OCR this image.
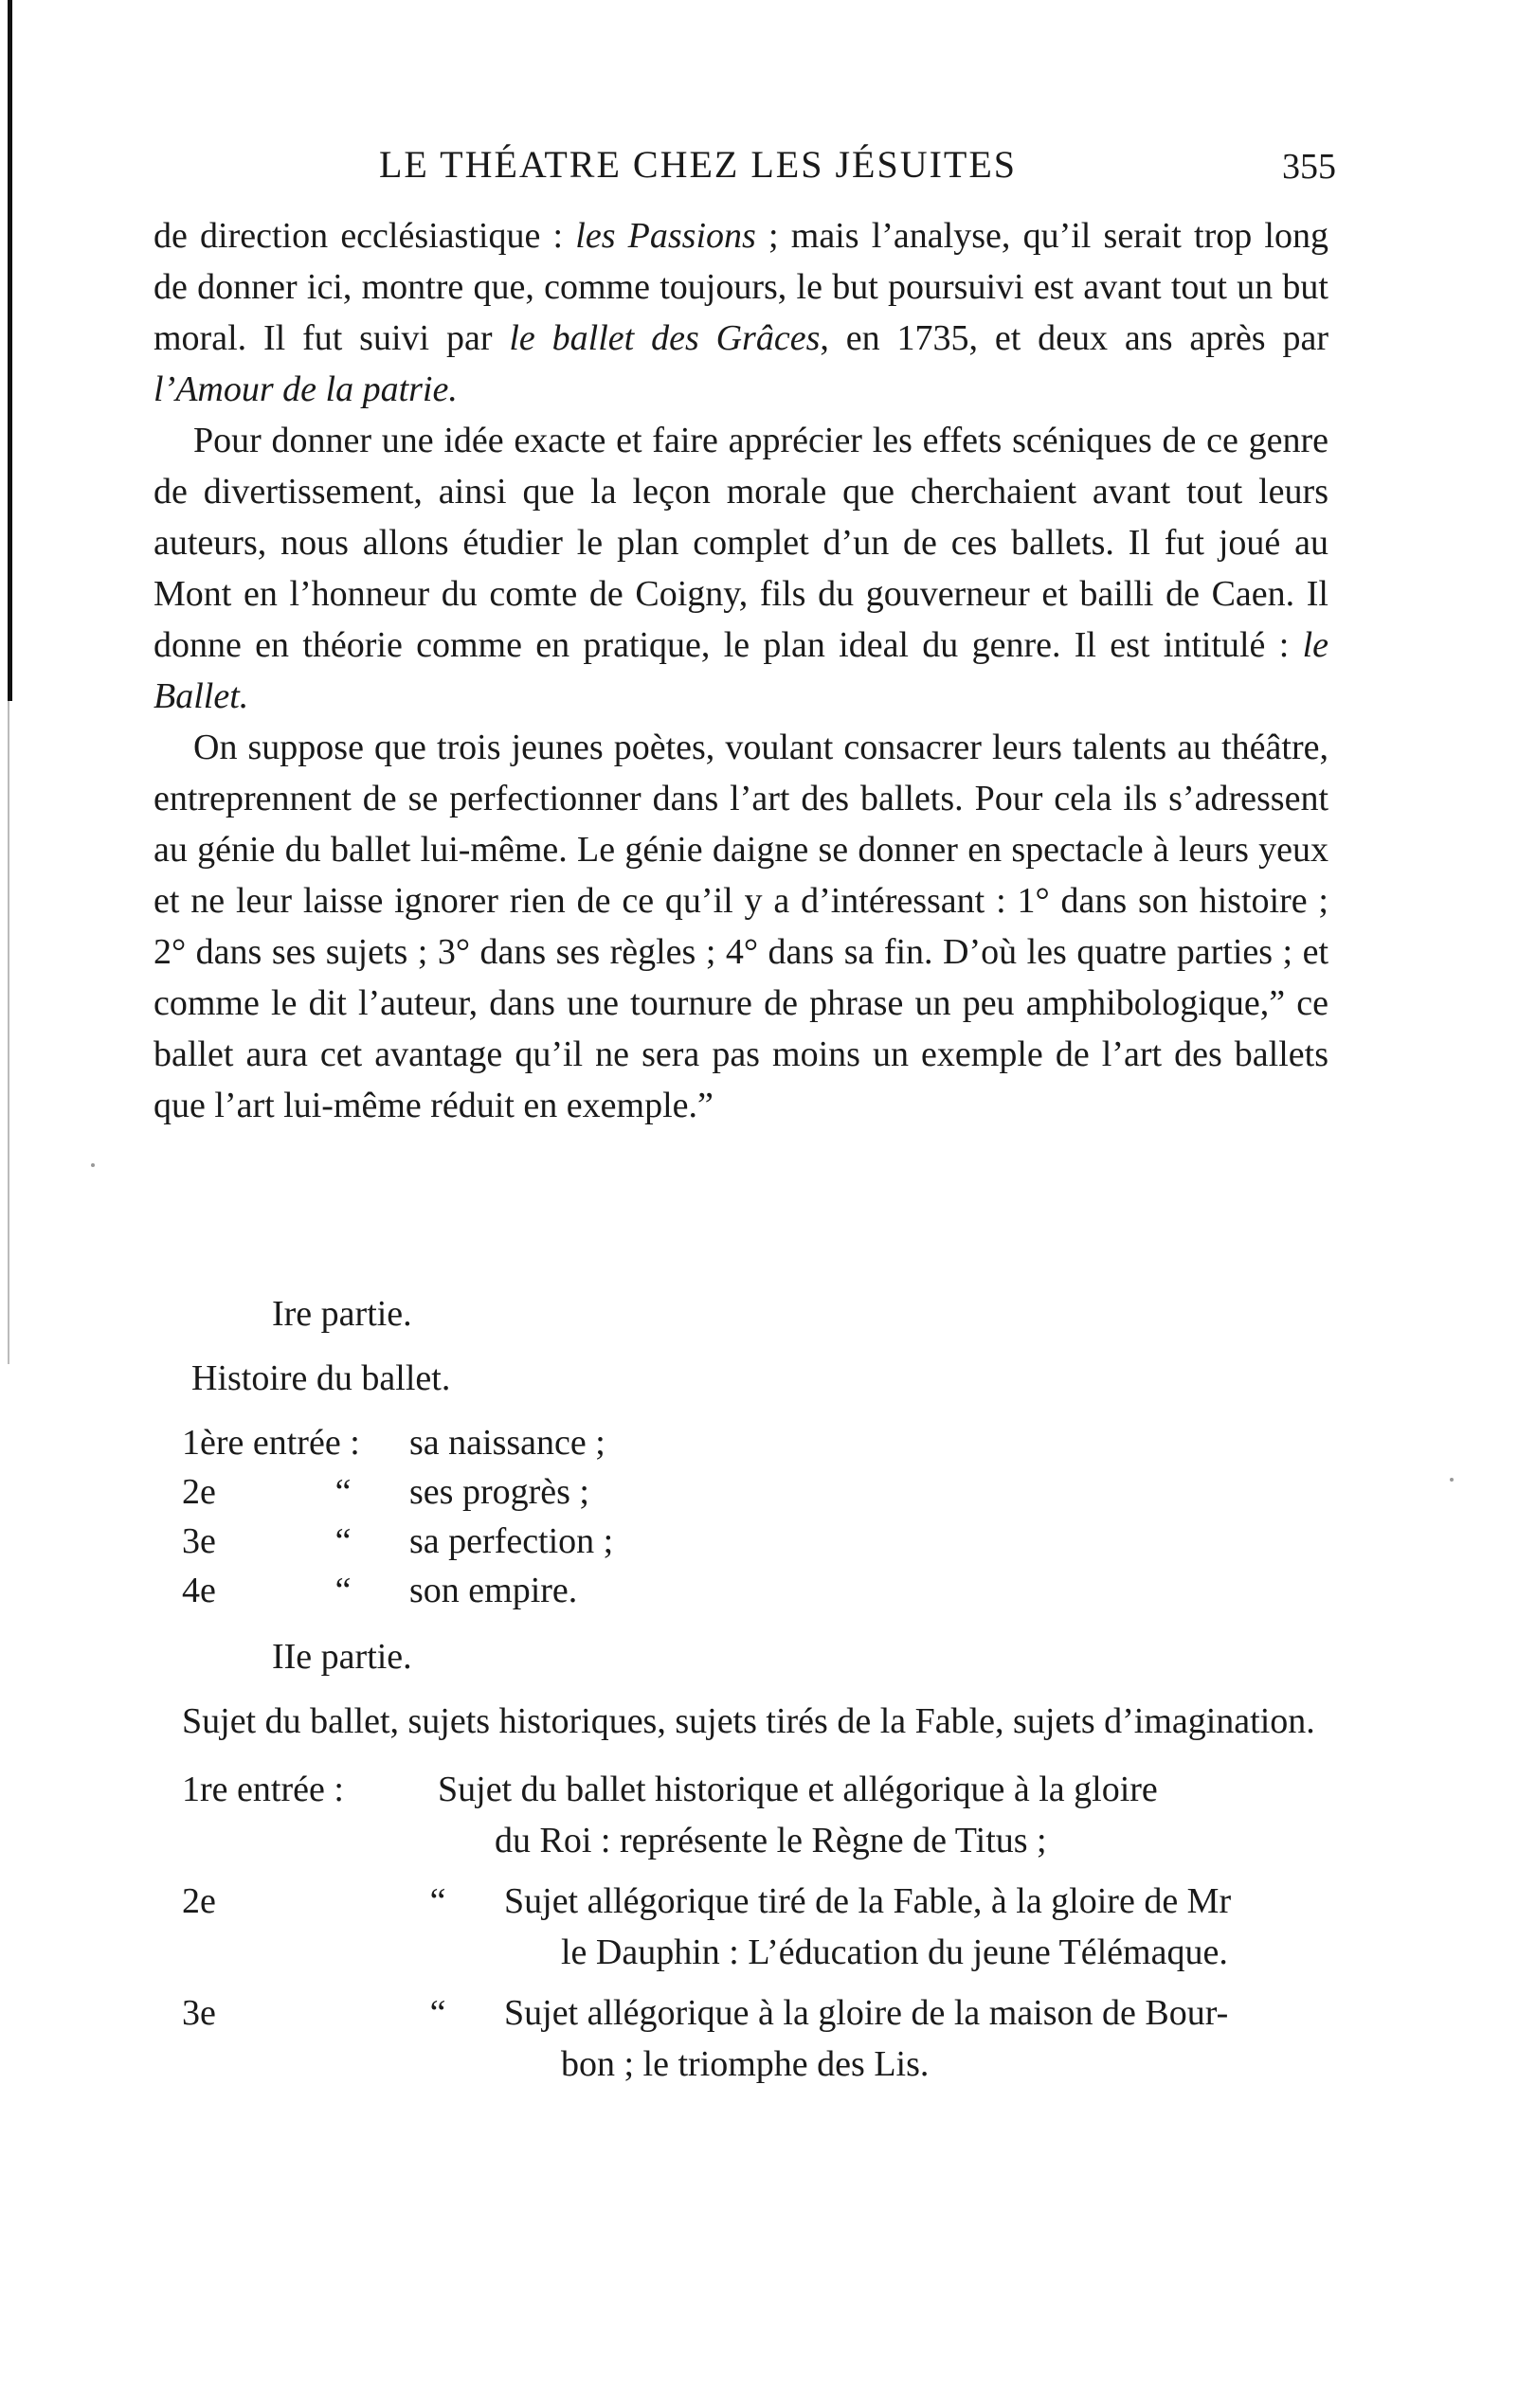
LE THÉATRE CHEZ LES JÉSUITES	355

de direction ecclésiastique : les Passions ; mais l’analyse, qu’il serait trop long de donner ici, montre que, comme toujours, le but poursuivi est avant tout un but moral. Il fut suivi par le ballet des Grâces, en 1735, et deux ans après par l’Amour de la patrie.

Pour donner une idée exacte et faire apprécier les effets scéniques de ce genre de divertissement, ainsi que la leçon morale que cherchaient avant tout leurs auteurs, nous allons étudier le plan complet d’un de ces ballets. Il fut joué au Mont en l’honneur du comte de Coigny, fils du gouverneur et bailli de Caen. Il donne en théorie comme en pratique, le plan ideal du genre. Il est intitulé : le Ballet.

On suppose que trois jeunes poètes, voulant consacrer leurs talents au théâtre, entreprennent de se perfectionner dans l’art des ballets. Pour cela ils s’adressent au génie du ballet lui-même. Le génie daigne se donner en spectacle à leurs yeux et ne leur laisse ignorer rien de ce qu’il y a d’intéressant : 1° dans son histoire ; 2° dans ses sujets ; 3° dans ses règles ; 4° dans sa fin. D’où les quatre parties ; et comme le dit l’auteur, dans une tournure de phrase un peu amphibologique,” ce ballet aura cet avantage qu’il ne sera pas moins un exemple de l’art des ballets que l’art lui-même réduit en exemple.”

Ire partie.
Histoire du ballet.
1ère entrée :	sa naissance ;
2e	“	ses progrès ;
3e	“	sa perfection ;
4e	“	son empire.
IIe partie.
Sujet du ballet, sujets historiques, sujets tirés de la Fable, sujets d’imagination.
1re entrée :	Sujet du ballet historique et allégorique à la gloire
du Roi : représente le Règne de Titus ;
2e	“	Sujet allégorique tiré de la Fable, à la gloire de Mr
le Dauphin : L’éducation du jeune Télémaque.
3e	“	Sujet allégorique à la gloire de la maison de Bour-
bon ; le triomphe des Lis.
